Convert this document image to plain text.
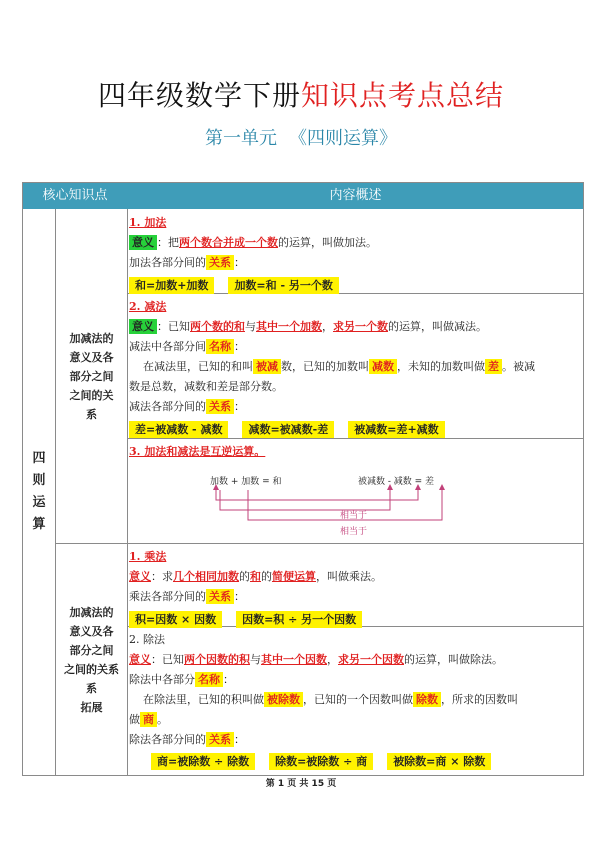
四年级数学下册知识点考点总结
第一单元 《四则运算》
核心知识点	内容概述
四
则
运
算
加减法的
意义及各
部分之间
之间的关
系
加减法的
意义及各
部分之间
之间的关系
系
拓展

1. 加法

意义 ：把两个数合并成一个数的运算，叫做加法。

加法各部分间的 关系 ：

和=加数+加数 加数=和 - 另一个数

2. 减法

意义 ：已知两个数的和与其中一个加数，求另一个数的运算，叫做减法。

减法中各部分间 名称 ：

在减法里，已知的和叫 被减 数，已知的加数叫 减数 ，未知的加数叫做 差 。被减

数是总数，减数和差是部分数。

减法各部分间的 关系 ：

差=被减数 - 减数 减数=被减数-差 被减数=差+减数

3. 加法和减法是互逆运算。

1. 乘法

意义：求几个相同加数的和的简便运算，叫做乘法。

乘法各部分间的 关系 ：

积=因数 × 因数 因数=积 ÷ 另一个因数

2. 除法

意义：已知两个因数的积与其中一个因数，求另一个因数的运算，叫做除法。

除法中各部分 名称 ：

在除法里，已知的积叫做 被除数 ，已知的一个因数叫做 除数 ，所求的因数叫

做 商 。

除法各部分间的 关系 ：

商=被除数 ÷ 除数 除数=被除数 ÷ 商 被除数=商 × 除数

加数 + 加数 = 和	被减数 - 减数 = 差
相当于
相当于
第 1 页 共 15 页
